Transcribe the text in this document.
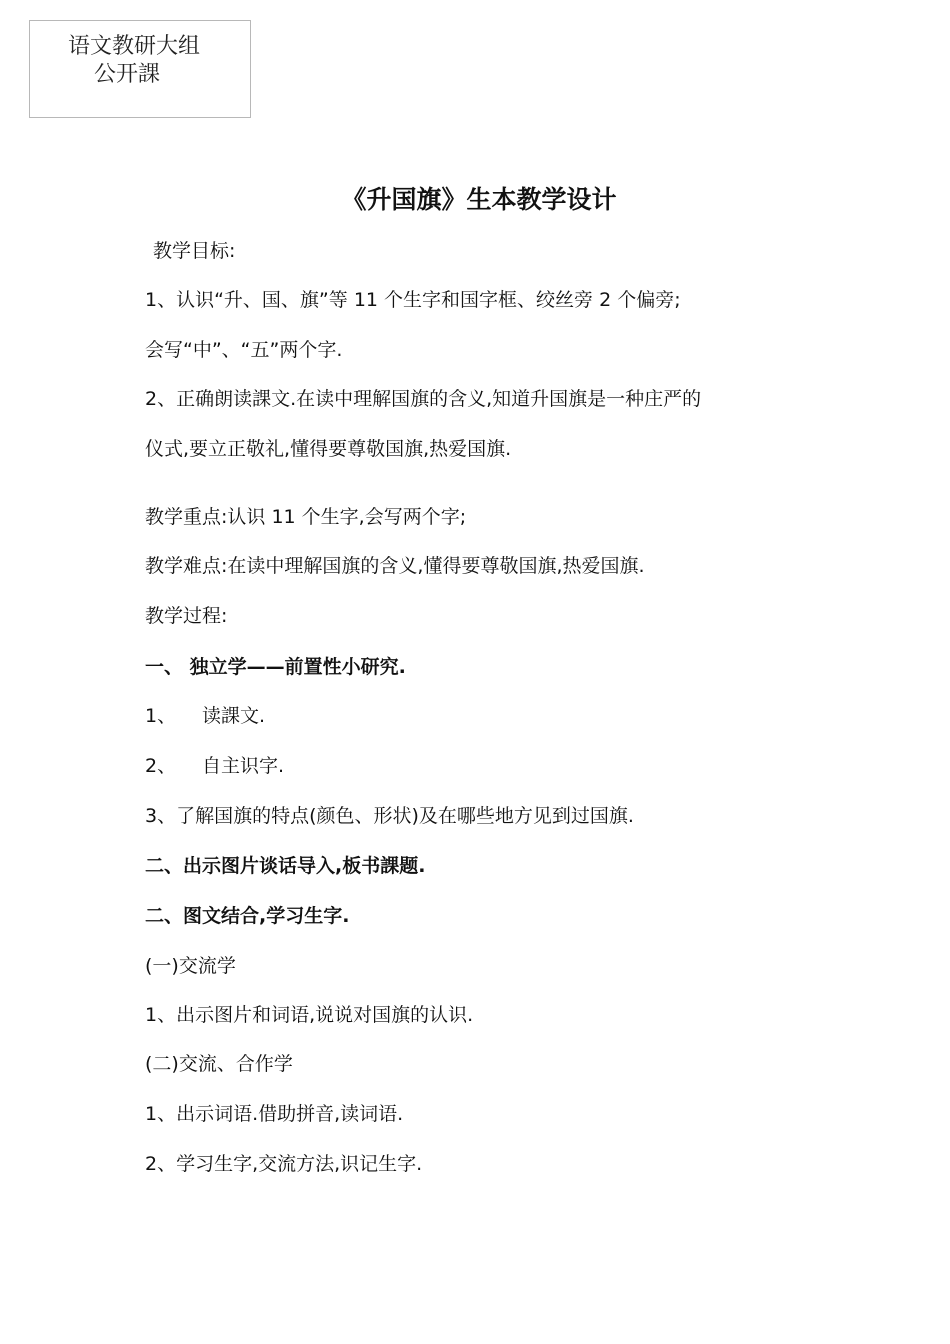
语文教研大组
公开課
《升国旗》生本教学设计
教学目标:
1、认识“升、国、旗”等 11 个生字和国字框、绞丝旁 2 个偏旁;
会写“中”、“五”两个字.
2、正确朗读課文.在读中理解国旗的含义,知道升国旗是一种庄严的
仪式,要立正敬礼,懂得要尊敬国旗,热爱国旗.
教学重点:认识 11 个生字,会写两个字;
教学难点:在读中理解国旗的含义,懂得要尊敬国旗,热爱国旗.
教学过程:
一、 独立学——前置性小研究.
1、 读課文.
2、 自主识字.
3、了解国旗的特点(颜色、形状)及在哪些地方见到过国旗.
二、出示图片谈话导入,板书課题.
二、图文结合,学习生字.
(一)交流学
1、出示图片和词语,说说对国旗的认识.
(二)交流、合作学
1、出示词语.借助拼音,读词语.
2、学习生字,交流方法,识记生字.
